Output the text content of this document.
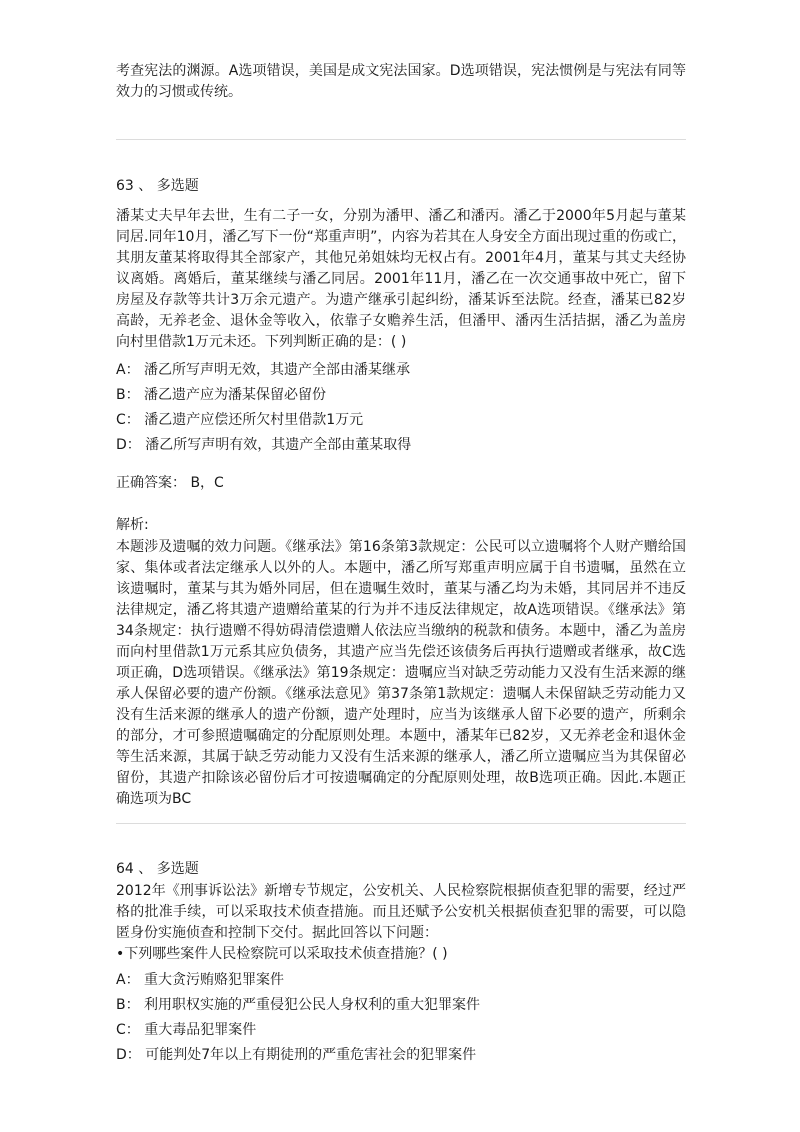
考查宪法的渊源。A选项错误，美国是成文宪法国家。D选项错误，宪法惯例是与宪法有同等效力的习惯或传统。

63 、 多选题

潘某丈夫早年去世，生有二子一女，分别为潘甲、潘乙和潘丙。潘乙于2000年5月起与董某同居.同年10月，潘乙写下一份“郑重声明”，内容为若其在人身安全方面出现过重的伤或亡，其朋友董某将取得其全部家产，其他兄弟姐妹均无权占有。2001年4月，董某与其丈夫经协议离婚。离婚后，董某继续与潘乙同居。2001年11月，潘乙在一次交通事故中死亡，留下房屋及存款等共计3万余元遗产。为遗产继承引起纠纷，潘某诉至法院。经查，潘某已82岁高龄，无养老金、退休金等收入，依靠子女赡养生活，但潘甲、潘丙生活拮据，潘乙为盖房向村里借款1万元未还。下列判断正确的是：( )

A： 潘乙所写声明无效，其遗产全部由潘某继承
B： 潘乙遗产应为潘某保留必留份
C： 潘乙遗产应偿还所欠村里借款1万元
D： 潘乙所写声明有效，其遗产全部由董某取得

正确答案： B，C

解析:

本题涉及遗嘱的效力问题。《继承法》第16条第3款规定：公民可以立遗嘱将个人财产赠给国家、集体或者法定继承人以外的人。本题中，潘乙所写郑重声明应属于自书遗嘱，虽然在立该遗嘱时，董某与其为婚外同居，但在遗嘱生效时，董某与潘乙均为未婚，其同居并不违反法律规定，潘乙将其遗产遗赠给董某的行为并不违反法律规定，故A选项错误。《继承法》第34条规定：执行遗赠不得妨碍清偿遗赠人依法应当缴纳的税款和债务。本题中，潘乙为盖房而向村里借款1万元系其应负债务，其遗产应当先偿还该债务后再执行遗赠或者继承，故C选项正确，D选项错误。《继承法》第19条规定：遗嘱应当对缺乏劳动能力又没有生活来源的继承人保留必要的遗产份额。《继承法意见》第37条第1款规定：遗嘱人未保留缺乏劳动能力又没有生活来源的继承人的遗产份额，遗产处理时，应当为该继承人留下必要的遗产，所剩余的部分，才可参照遗嘱确定的分配原则处理。本题中，潘某年已82岁，又无养老金和退休金等生活来源，其属于缺乏劳动能力又没有生活来源的继承人，潘乙所立遗嘱应当为其保留必留份，其遗产扣除该必留份后才可按遗嘱确定的分配原则处理，故B选项正确。因此.本题正确选项为BC

64 、 多选题

2012年《刑事诉讼法》新增专节规定，公安机关、人民检察院根据侦查犯罪的需要，经过严格的批准手续，可以采取技术侦查措施。而且还赋予公安机关根据侦查犯罪的需要，可以隐匿身份实施侦查和控制下交付。据此回答以下问题：

•下列哪些案件人民检察院可以采取技术侦查措施？( )

A： 重大贪污贿赂犯罪案件
B： 利用职权实施的严重侵犯公民人身权利的重大犯罪案件
C： 重大毒品犯罪案件
D： 可能判处7年以上有期徒刑的严重危害社会的犯罪案件
